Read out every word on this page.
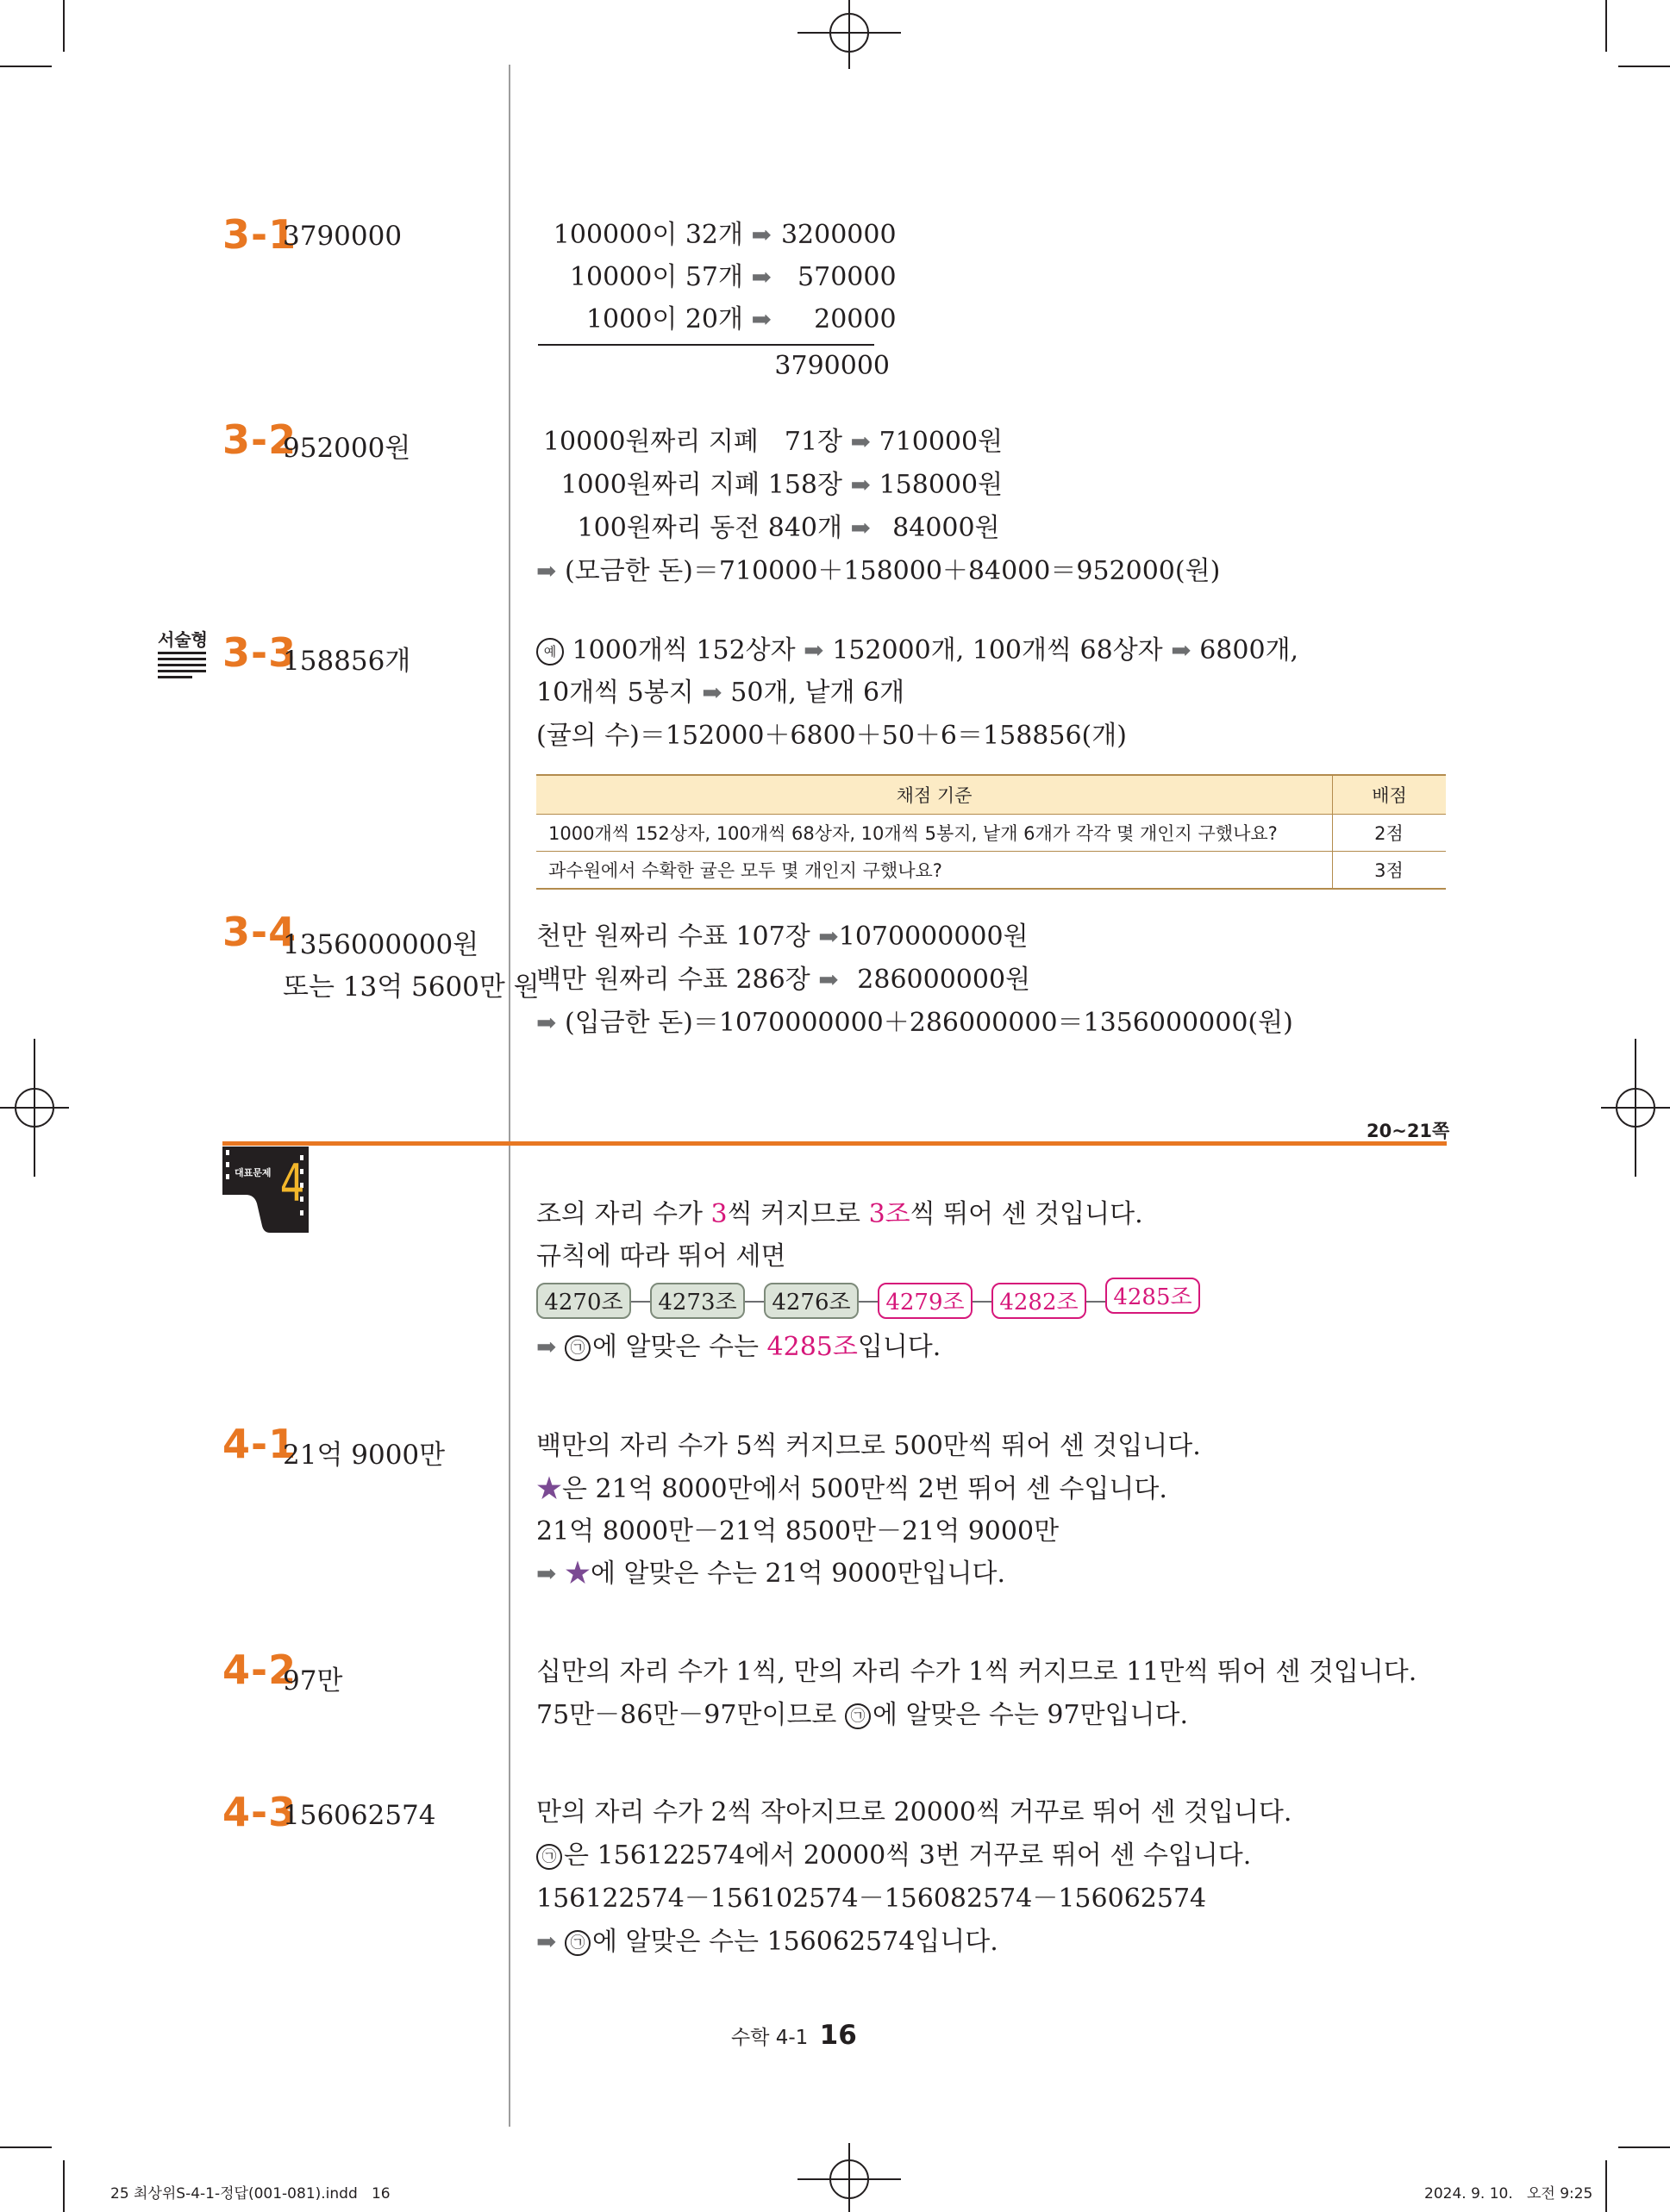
3-1
3790000	100000이 32개 ➡ 3200000
10000이 57개 ➡ 570000
1000이 20개 ➡ 20000
3790000
3-2
952000원	10000원짜리 지폐　71장 ➡ 710000원
1000원짜리 지폐 158장 ➡ 158000원
100원짜리 동전 840개 ➡ 84000원
➡ (모금한 돈)＝710000＋158000＋84000＝952000(원)
서술형 3-3
158856개	예 1000개씩 152상자 ➡ 152000개, 100개씩 68상자 ➡ 6800개,
10개씩 5봉지 ➡ 50개, 낱개 6개
(귤의 수)＝152000＋6800＋50＋6＝158856(개)
채점 기준	배점
1000개씩 152상자, 100개씩 68상자, 10개씩 5봉지, 낱개 6개가 각각 몇 개인지 구했나요?	2점
과수원에서 수확한 귤은 모두 몇 개인지 구했나요?	3점
3-4
1356000000원
또는 13억 5600만 원
천만 원짜리 수표 107장 ➡1070000000원
백만 원짜리 수표 286장 ➡ 286000000원
➡ (입금한 돈)＝1070000000＋286000000＝1356000000(원)
20~21쪽
대표문제 4
조의 자리 수가 3씩 커지므로 3조씩 뛰어 센 것입니다.
규칙에 따라 뛰어 세면
4270조	4273조	4276조	4279조	4282조	4285조
➡ ㉠ 에 알맞은 수는 4285조입니다.
4-1
21억 9000만	백만의 자리 수가 5씩 커지므로 500만씩 뛰어 센 것입니다.
★은 21억 8000만에서 500만씩 2번 뛰어 센 수입니다.
21억 8000만－21억 8500만－21억 9000만
➡ ★에 알맞은 수는 21억 9000만입니다.
4-2
97만	십만의 자리 수가 1씩, 만의 자리 수가 1씩 커지므로 11만씩 뛰어 센 것입니다.
75만－86만－97만이므로 ㉠ 에 알맞은 수는 97만입니다.
4-3
156062574	만의 자리 수가 2씩 작아지므로 20000씩 거꾸로 뛰어 센 것입니다.
㉠ 은 156122574에서 20000씩 3번 거꾸로 뛰어 센 수입니다.
156122574－156102574－156082574－156062574
➡ ㉠ 에 알맞은 수는 156062574입니다.
수학 4-1 16
25 최상위S-4-1-정답(001-081).indd   16	2024. 9. 10.   오전 9:25
